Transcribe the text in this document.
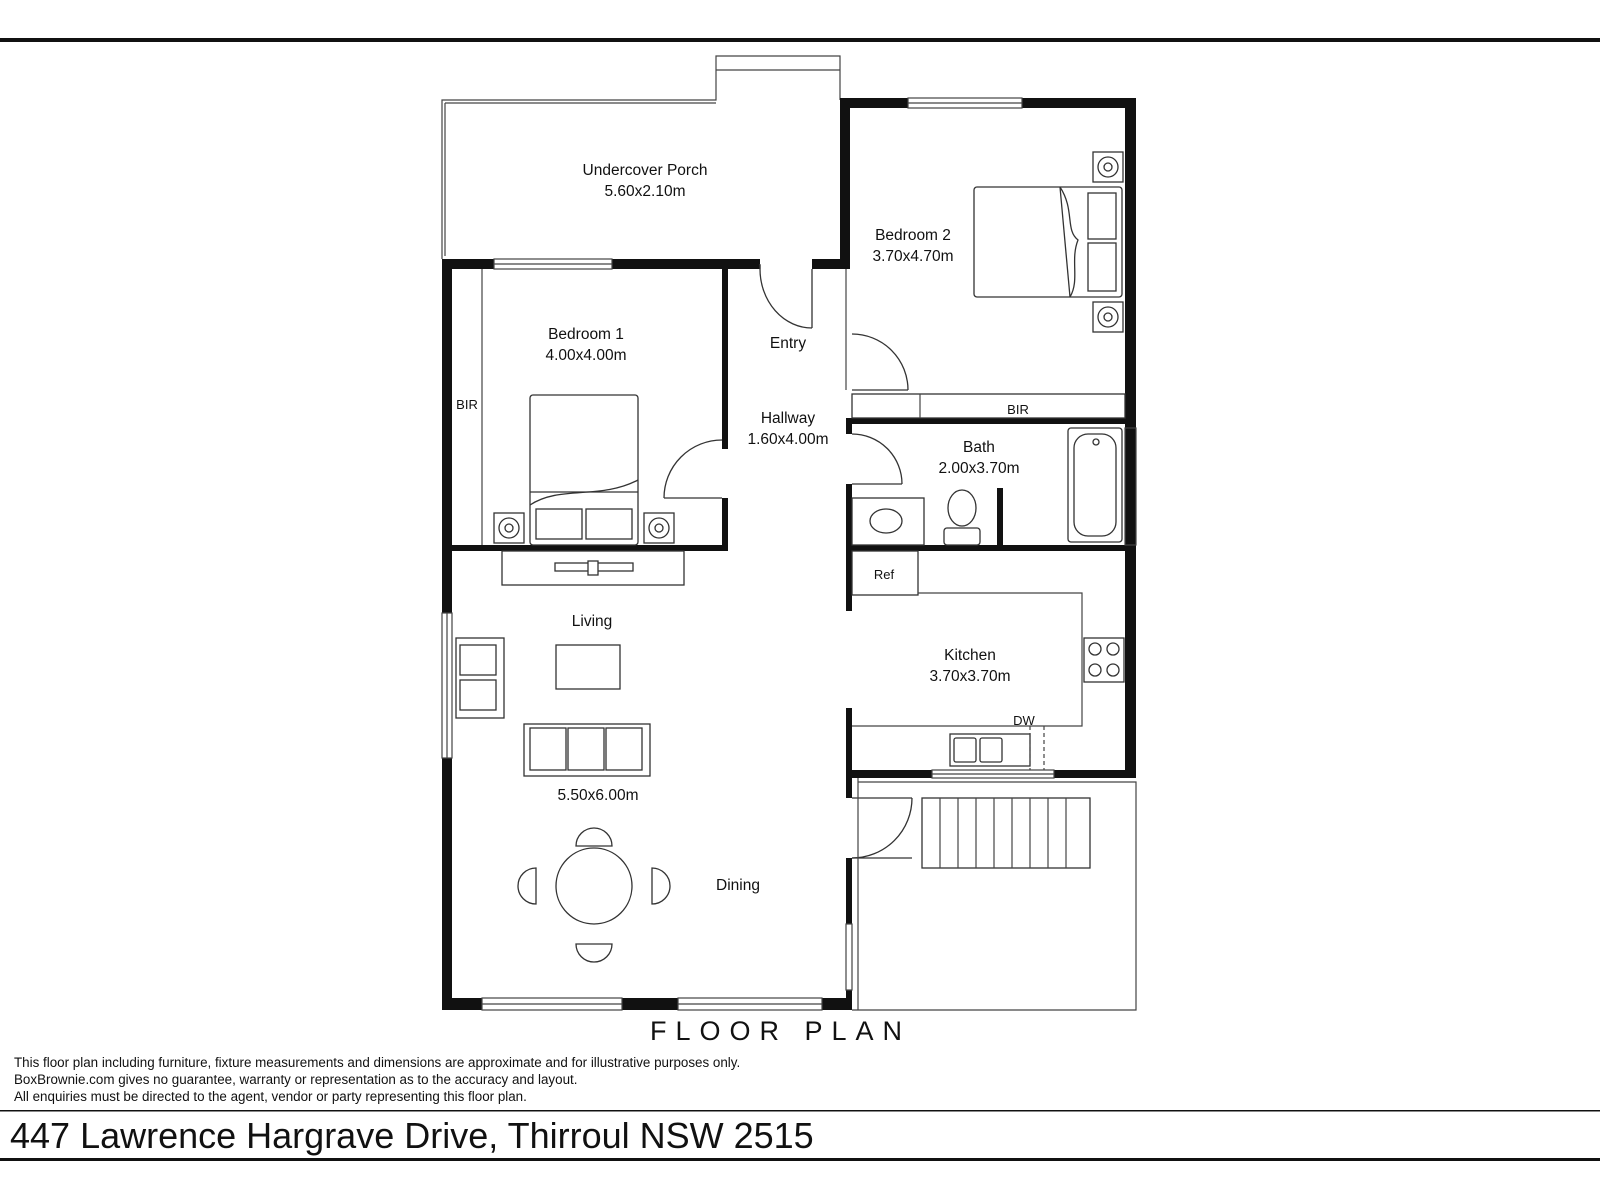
Undercover Porch
5.60x2.10m
Bedroom 2
3.70x4.70m
Bedroom 1
4.00x4.00m
Entry
Hallway
1.60x4.00m	Bath
2.00x3.70m
Kitchen
3.70x3.70m
Living
5.50x6.00m
Dining
BIR	BIR
Ref
DW
FLOOR PLAN
This floor plan including furniture, fixture measurements and dimensions are approximate and for illustrative purposes only.
BoxBrownie.com gives no guarantee, warranty or representation as to the accuracy and layout.
All enquiries must be directed to the agent, vendor or party representing this floor plan.
447 Lawrence Hargrave Drive, Thirroul NSW 2515
